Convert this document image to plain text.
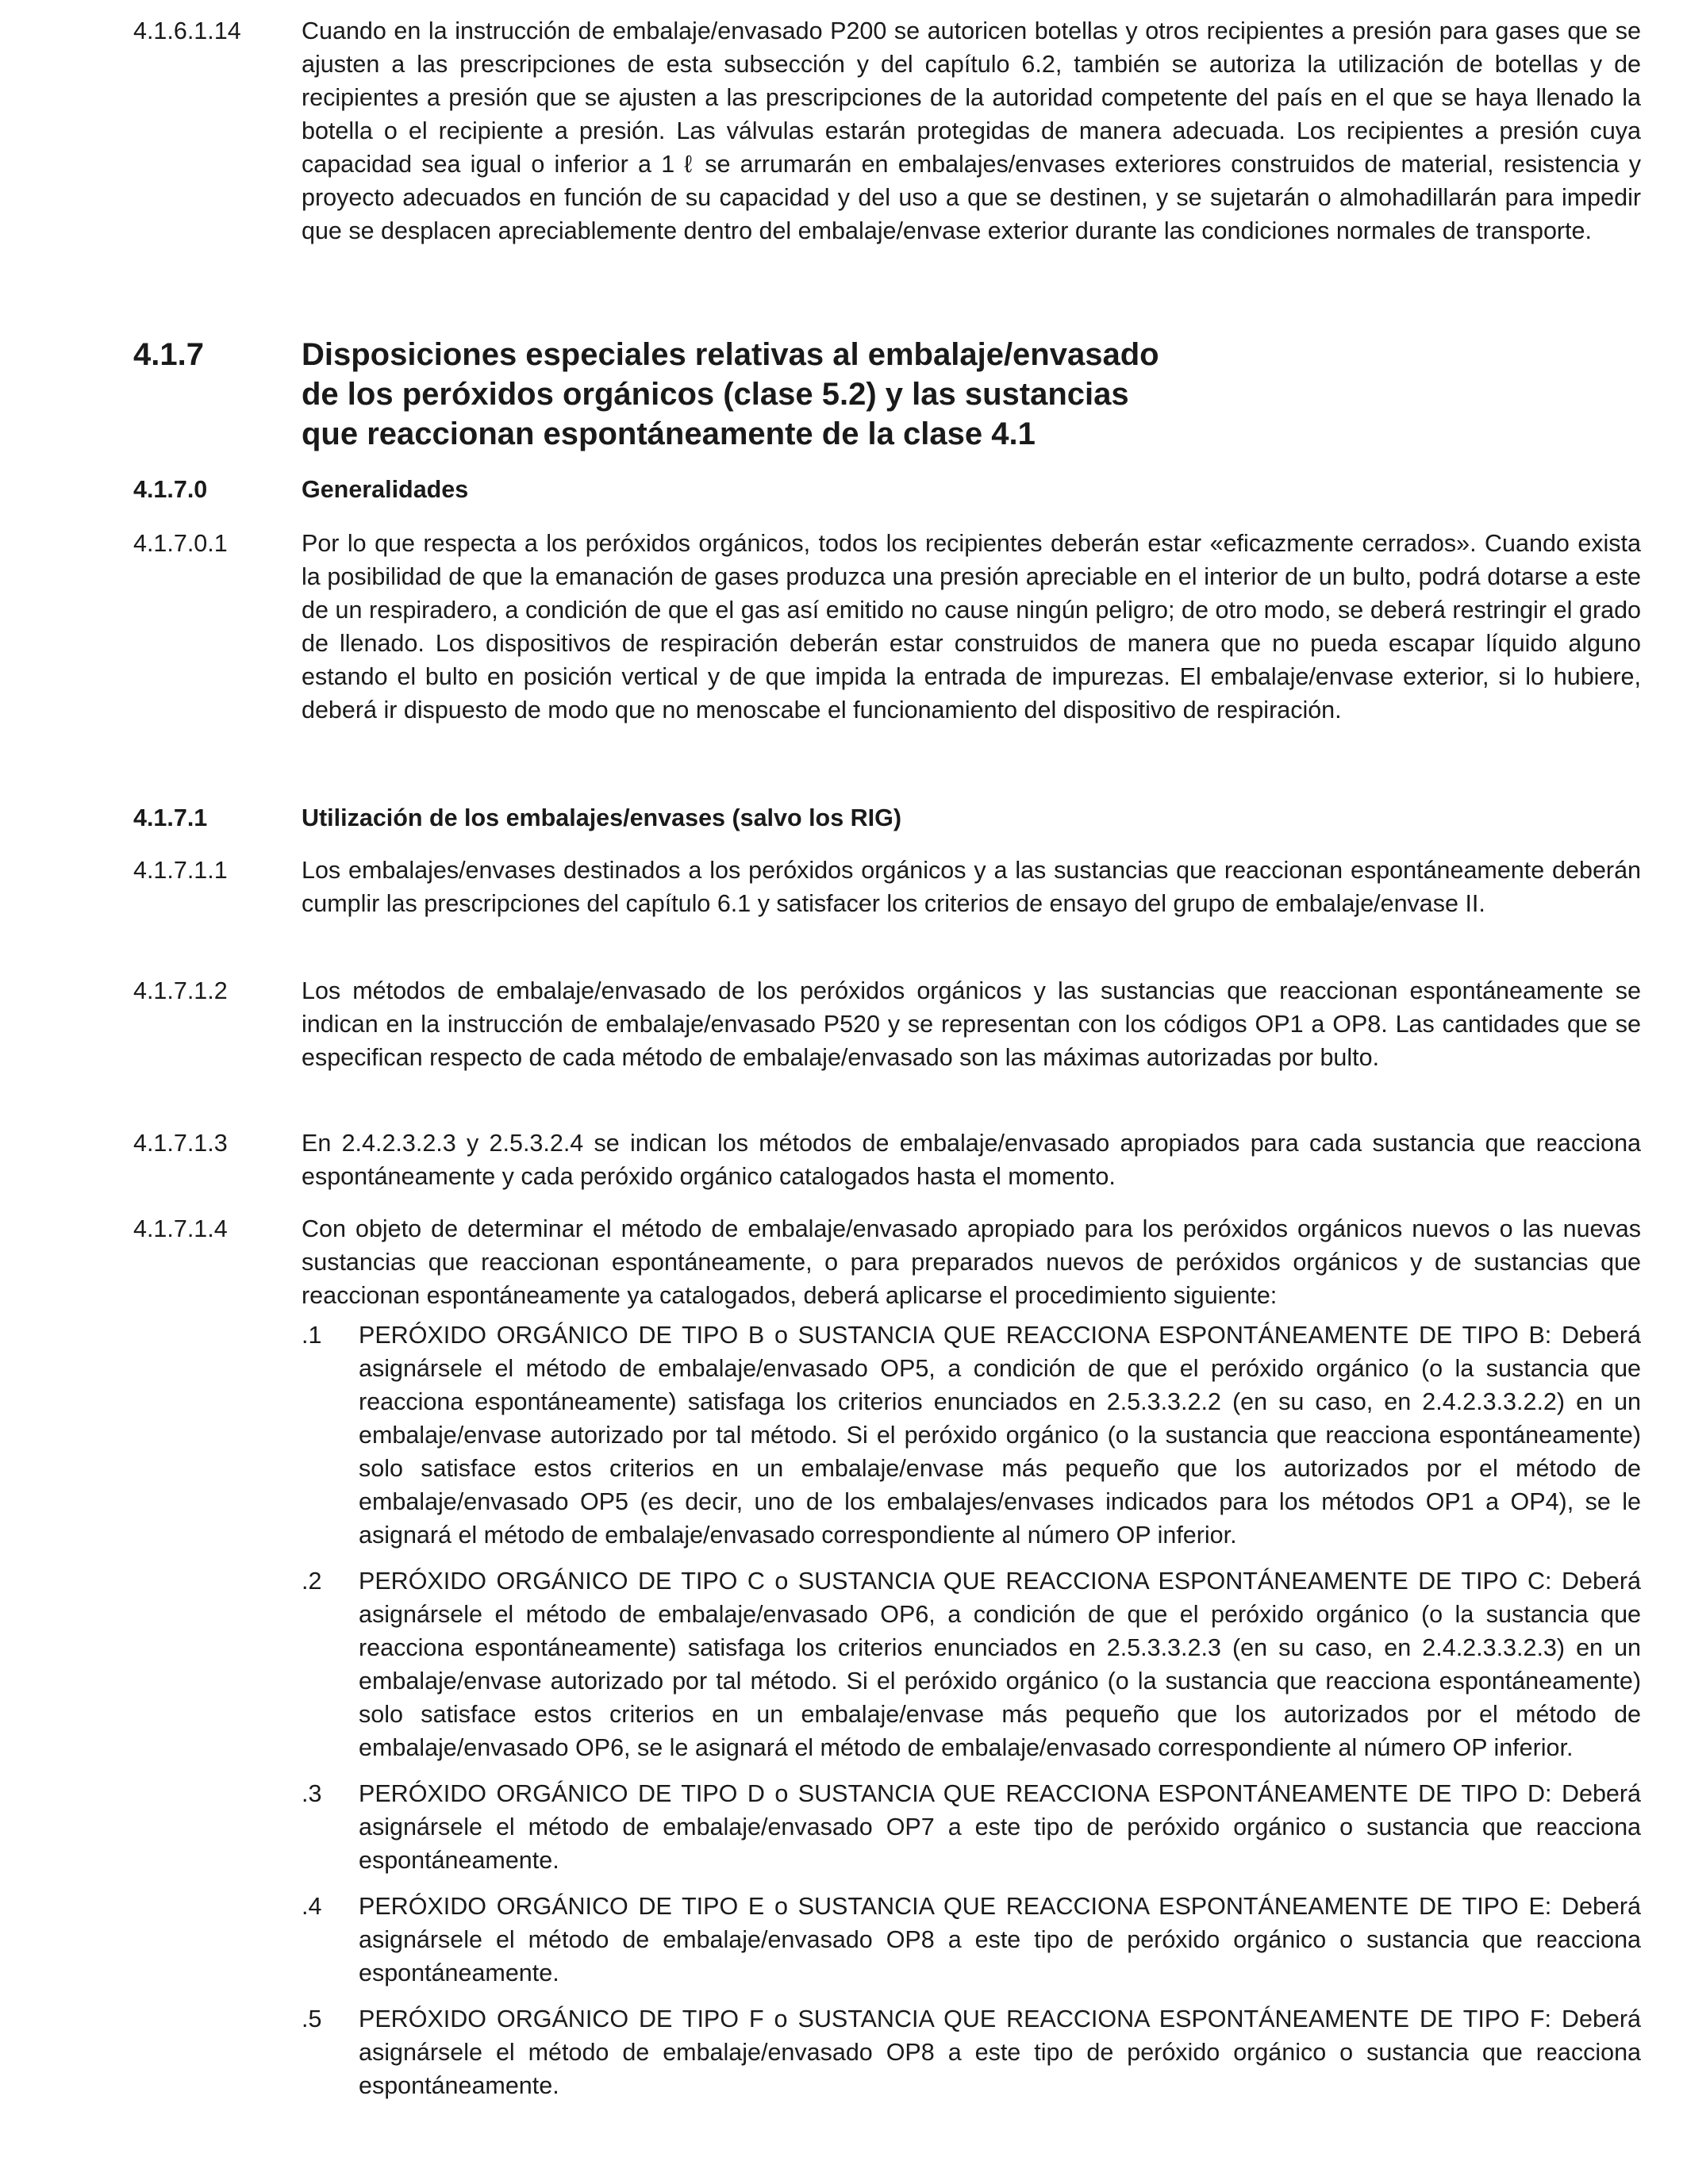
4.1.6.1.14	Cuando en la instrucción de embalaje/envasado P200 se autoricen botellas y otros recipientes a presión para gases que se ajusten a las prescripciones de esta subsección y del capítulo 6.2, también se autoriza la utilización de botellas y de recipientes a presión que se ajusten a las prescripciones de la autoridad competente del país en el que se haya llenado la botella o el recipiente a presión. Las válvulas estarán protegidas de manera adecuada. Los recipientes a presión cuya capacidad sea igual o inferior a 1 ℓ se arrumarán en embalajes/envases exteriores construidos de material, resistencia y proyecto adecuados en función de su capacidad y del uso a que se destinen, y se sujetarán o almohadillarán para impedir que se desplacen apreciablemente dentro del embalaje/envase exterior durante las condiciones normales de transporte.
4.1.7	Disposiciones especiales relativas al embalaje/envasado
de los peróxidos orgánicos (clase 5.2) y las sustancias
que reaccionan espontáneamente de la clase 4.1
4.1.7.0	Generalidades
4.1.7.0.1	Por lo que respecta a los peróxidos orgánicos, todos los recipientes deberán estar «eficazmente cerrados». Cuando exista la posibilidad de que la emanación de gases produzca una presión apreciable en el interior de un bulto, podrá dotarse a este de un respiradero, a condición de que el gas así emitido no cause ningún peligro; de otro modo, se deberá restringir el grado de llenado. Los dispositivos de respiración deberán estar construidos de manera que no pueda escapar líquido alguno estando el bulto en posición vertical y de que impida la entrada de impurezas. El embalaje/envase exterior, si lo hubiere, deberá ir dispuesto de modo que no menoscabe el funcionamiento del dispositivo de respiración.
4.1.7.1	Utilización de los embalajes/envases (salvo los RIG)
4.1.7.1.1	Los embalajes/envases destinados a los peróxidos orgánicos y a las sustancias que reaccionan espontáneamente deberán cumplir las prescripciones del capítulo 6.1 y satisfacer los criterios de ensayo del grupo de embalaje/envase II.
4.1.7.1.2	Los métodos de embalaje/envasado de los peróxidos orgánicos y las sustancias que reaccionan espontáneamente se indican en la instrucción de embalaje/envasado P520 y se representan con los códigos OP1 a OP8. Las cantidades que se especifican respecto de cada método de embalaje/envasado son las máximas autorizadas por bulto.
4.1.7.1.3	En 2.4.2.3.2.3 y 2.5.3.2.4 se indican los métodos de embalaje/envasado apropiados para cada sustancia que reacciona espontáneamente y cada peróxido orgánico catalogados hasta el momento.
4.1.7.1.4	Con objeto de determinar el método de embalaje/envasado apropiado para los peróxidos orgánicos nuevos o las nuevas sustancias que reaccionan espontáneamente, o para preparados nuevos de peróxidos orgánicos y de sustancias que reaccionan espontáneamente ya catalogados, deberá aplicarse el procedimiento siguiente:
.1	PERÓXIDO ORGÁNICO DE TIPO B o SUSTANCIA QUE REACCIONA ESPONTÁNEAMENTE DE TIPO B: Deberá asignársele el método de embalaje/envasado OP5, a condición de que el peróxido orgánico (o la sustancia que reacciona espontáneamente) satisfaga los criterios enunciados en 2.5.3.3.2.2 (en su caso, en 2.4.2.3.3.2.2) en un embalaje/envase autorizado por tal método. Si el peróxido orgánico (o la sustancia que reacciona espontáneamente) solo satisface estos criterios en un embalaje/envase más pequeño que los autorizados por el método de embalaje/envasado OP5 (es decir, uno de los embalajes/envases indicados para los métodos OP1 a OP4), se le asignará el método de embalaje/envasado correspondiente al número OP inferior.
.2	PERÓXIDO ORGÁNICO DE TIPO C o SUSTANCIA QUE REACCIONA ESPONTÁNEAMENTE DE TIPO C: Deberá asignársele el método de embalaje/envasado OP6, a condición de que el peróxido orgánico (o la sustancia que reacciona espontáneamente) satisfaga los criterios enunciados en 2.5.3.3.2.3 (en su caso, en 2.4.2.3.3.2.3) en un embalaje/envase autorizado por tal método. Si el peróxido orgánico (o la sustancia que reacciona espontáneamente) solo satisface estos criterios en un embalaje/envase más pequeño que los autorizados por el método de embalaje/envasado OP6, se le asignará el método de embalaje/envasado correspondiente al número OP inferior.
.3	PERÓXIDO ORGÁNICO DE TIPO D o SUSTANCIA QUE REACCIONA ESPONTÁNEAMENTE DE TIPO D: Deberá asignársele el método de embalaje/envasado OP7 a este tipo de peróxido orgánico o sustancia que reacciona espontáneamente.
.4	PERÓXIDO ORGÁNICO DE TIPO E o SUSTANCIA QUE REACCIONA ESPONTÁNEAMENTE DE TIPO E: Deberá asignársele el método de embalaje/envasado OP8 a este tipo de peróxido orgánico o sustancia que reacciona espontáneamente.
.5	PERÓXIDO ORGÁNICO DE TIPO F o SUSTANCIA QUE REACCIONA ESPONTÁNEAMENTE DE TIPO F: Deberá asignársele el método de embalaje/envasado OP8 a este tipo de peróxido orgánico o sustancia que reacciona espontáneamente.
